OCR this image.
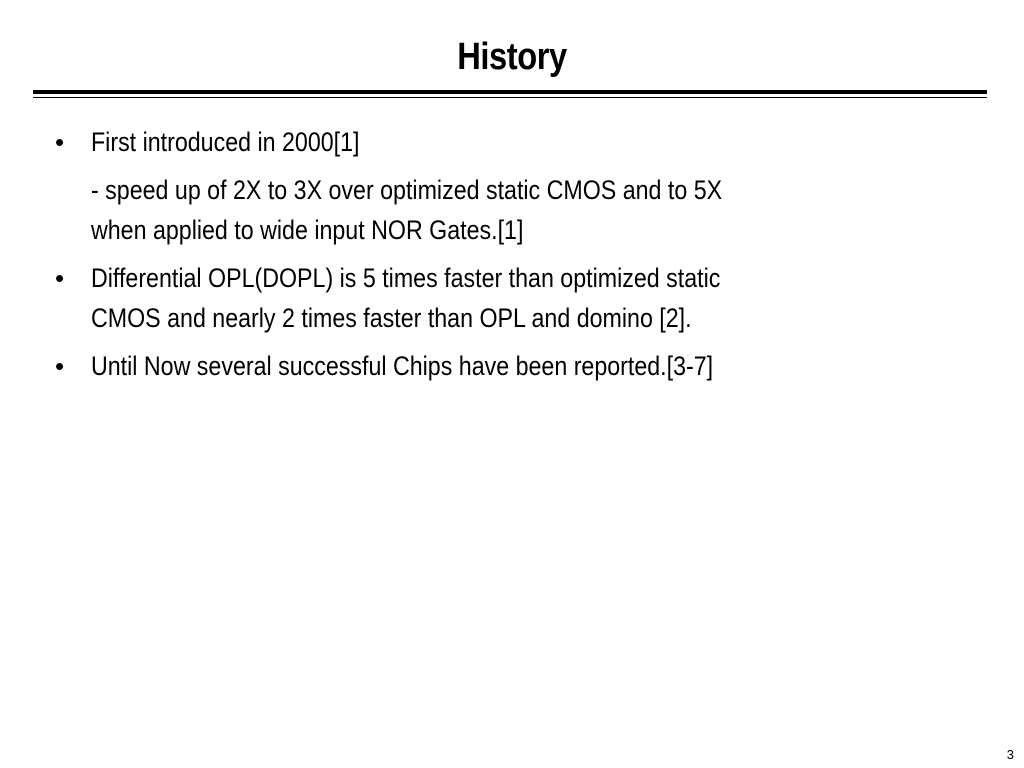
History
• First introduced in 2000[1]
- speed up of 2X to 3X over optimized static CMOS and to 5X
when applied to wide input NOR Gates.[1]
• Differential OPL(DOPL) is 5 times faster than optimized static
CMOS and nearly 2 times faster than OPL and domino [2].
• Until Now several successful Chips have been reported.[3-7]
3
